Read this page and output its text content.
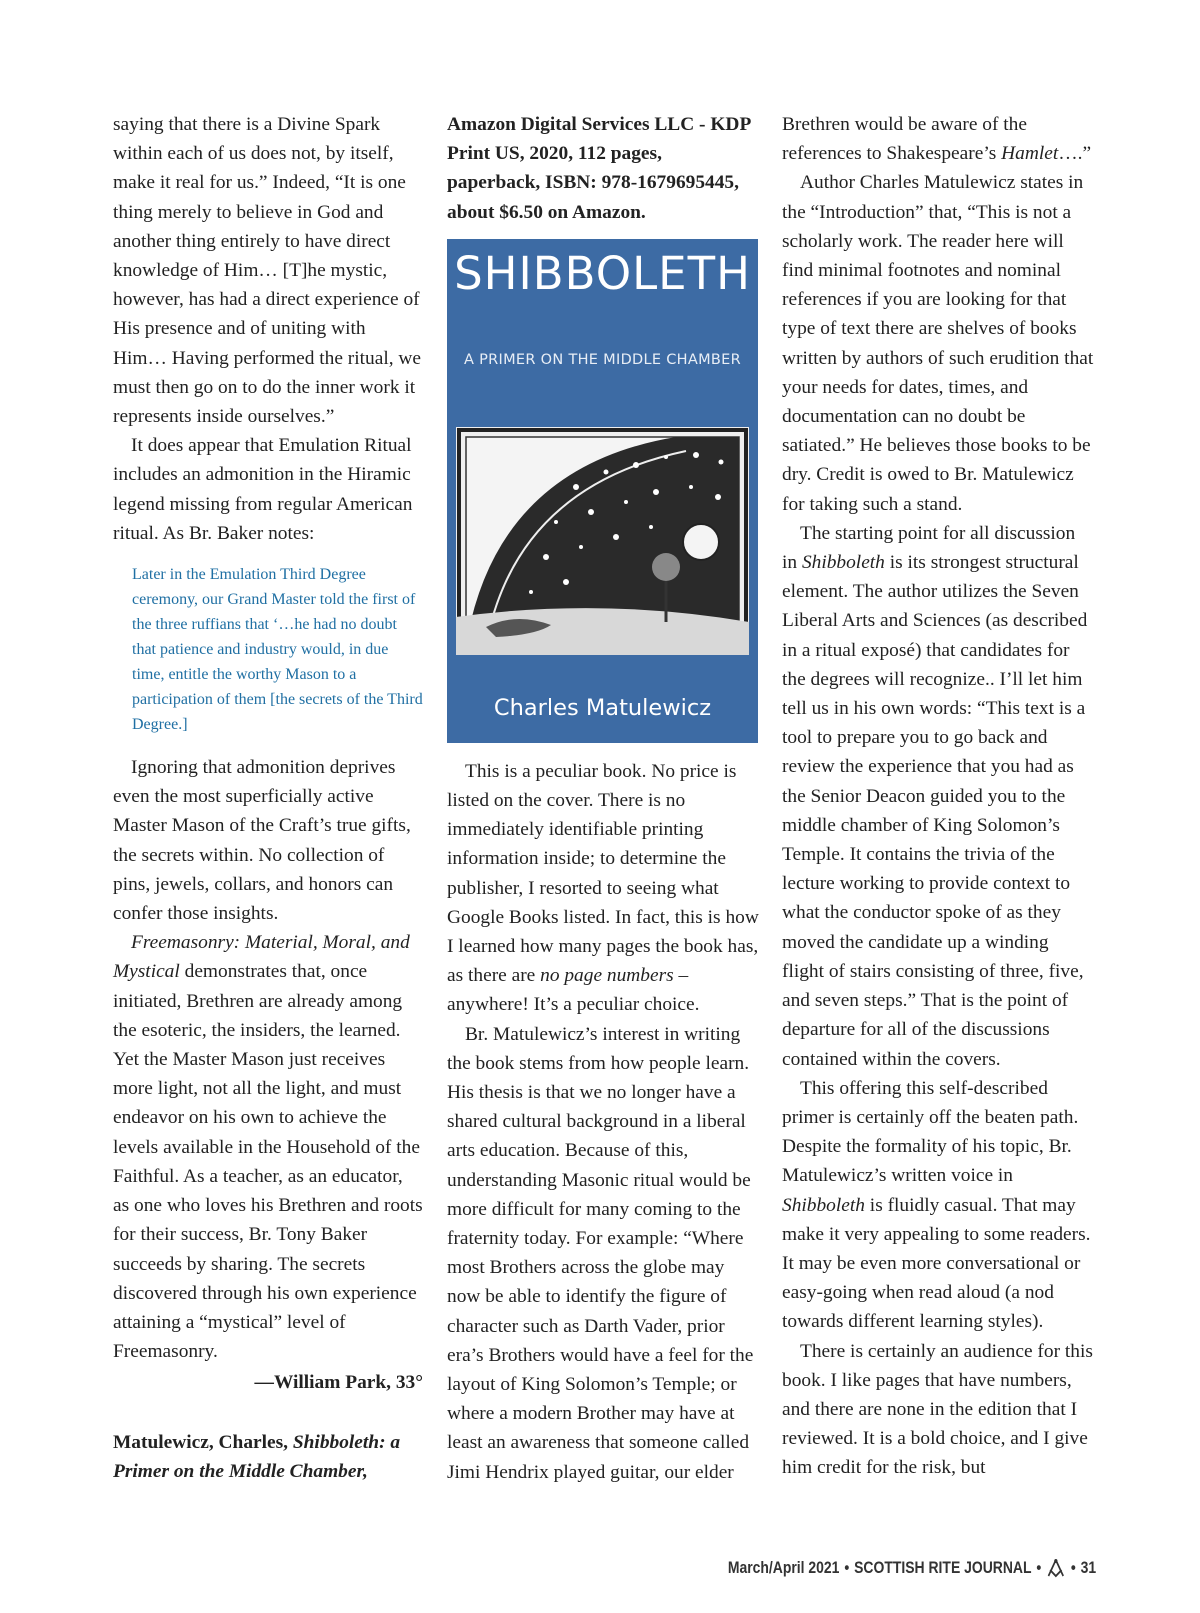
saying that there is a Divine Spark within each of us does not, by itself, make it real for us.” Indeed, “It is one thing merely to believe in God and another thing entirely to have direct knowledge of Him… [T]he mystic, however, has had a direct experience of His presence and of uniting with Him… Having performed the ritual, we must then go on to do the inner work it represents inside ourselves.”

It does appear that Emulation Ritual includes an admonition in the Hiramic legend missing from regular American ritual. As Br. Baker notes:

Later in the Emulation Third Degree ceremony, our Grand Master told the first of the three ruffians that ‘…he had no doubt that patience and industry would, in due time, entitle the worthy Mason to a participation of them [the secrets of the Third Degree.]

Ignoring that admonition deprives even the most superficially active Master Mason of the Craft’s true gifts, the secrets within. No collection of pins, jewels, collars, and honors can confer those insights.

Freemasonry: Material, Moral, and Mystical demonstrates that, once initiated, Brethren are already among the esoteric, the insiders, the learned. Yet the Master Mason just receives more light, not all the light, and must endeavor on his own to achieve the levels available in the Household of the Faithful. As a teacher, as an educator, as one who loves his Brethren and roots for their success, Br. Tony Baker succeeds by sharing. The secrets discovered through his own experience attaining a “mystical” level of Freemasonry.

—William Park, 33°
Matulewicz, Charles, Shibboleth: a Primer on the Middle Chamber,
Amazon Digital Services LLC - KDP Print US, 2020, 112 pages, paperback, ISBN: 978-1679695445, about $6.50 on Amazon.
SHIBBOLETH
A PRIMER ON THE MIDDLE CHAMBER
Charles Matulewicz

This is a peculiar book. No price is listed on the cover. There is no immediately identifiable printing information inside; to determine the publisher, I resorted to seeing what Google Books listed. In fact, this is how I learned how many pages the book has, as there are no page numbers – anywhere! It’s a peculiar choice.

Br. Matulewicz’s interest in writing the book stems from how people learn. His thesis is that we no longer have a shared cultural background in a liberal arts education. Because of this, understanding Masonic ritual would be more difficult for many coming to the fraternity today. For example: “Where most Brothers across the globe may now be able to identify the figure of character such as Darth Vader, prior era’s Brothers would have a feel for the layout of King Solomon’s Temple; or where a modern Brother may have at least an awareness that someone called Jimi Hendrix played guitar, our elder

Brethren would be aware of the references to Shakespeare’s Hamlet….”

Author Charles Matulewicz states in the “Introduction” that, “This is not a scholarly work. The reader here will find minimal footnotes and nominal references if you are looking for that type of text there are shelves of books written by authors of such erudition that your needs for dates, times, and documentation can no doubt be satiated.” He believes those books to be dry. Credit is owed to Br. Matulewicz for taking such a stand.

The starting point for all discussion in Shibboleth is its strongest structural element. The author utilizes the Seven Liberal Arts and Sciences (as described in a ritual exposé) that candidates for the degrees will recognize.. I’ll let him tell us in his own words: “This text is a tool to prepare you to go back and review the experience that you had as the Senior Deacon guided you to the middle chamber of King Solomon’s Temple. It contains the trivia of the lecture working to provide context to what the conductor spoke of as they moved the candidate up a winding flight of stairs consisting of three, five, and seven steps.” That is the point of departure for all of the discussions contained within the covers.

This offering this self-described primer is certainly off the beaten path. Despite the formality of his topic, Br. Matulewicz’s written voice in Shibboleth is fluidly casual. That may make it very appealing to some readers. It may be even more conversational or easy-going when read aloud (a nod towards different learning styles).

There is certainly an audience for this book. I like pages that have numbers, and there are none in the edition that I reviewed. It is a bold choice, and I give him credit for the risk, but

March/April 2021 • SCOTTISH RITE JOURNAL • • 31
